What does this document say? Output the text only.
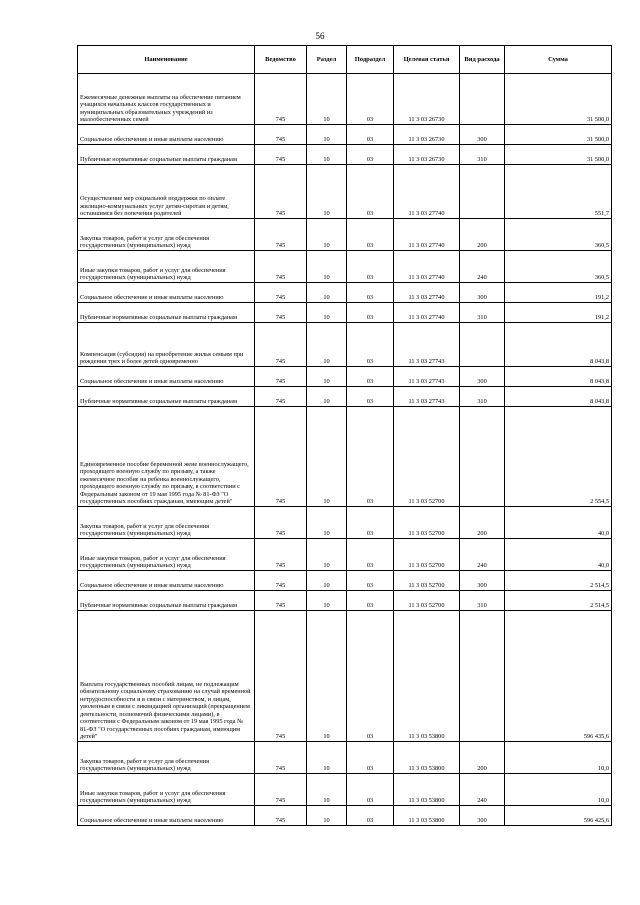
56
Наименование	Ведомство	Раздел	Подраздел	Целевая статья	Вид расхода	Сумма
Ежемесячные денежные выплаты на обеспечение питанием учащихся начальных классов государственных и муниципальных образовательных учреждений из малообеспеченных семей	745	10	03	11 3 03 26730		31 500,0
Социальное обеспечение и иные выплаты населению	745	10	03	11 3 03 26730	300	31 500,0
Публичные нормативные социальные выплаты гражданам	745	10	03	11 3 03 26730	310	31 500,0
Осуществление мер социальной поддержки по оплате жилищно-коммунальных услуг детям-сиротам и детям, оставшимся без попечения родителей	745	10	03	11 3 03 27740		551,7
Закупка товаров, работ и услуг для обеспечения государственных (муниципальных) нужд	745	10	03	11 3 03 27740	200	360,5
Иные закупки товаров, работ и услуг для обеспечения государственных (муниципальных) нужд	745	10	03	11 3 03 27740	240	360,5
Социальное обеспечение и иные выплаты населению	745	10	03	11 3 03 27740	300	191,2
Публичные нормативные социальные выплаты гражданам	745	10	03	11 3 03 27740	310	191,2
Компенсация (субсидия) на приобретение жилья семьям при рождении трех и более детей одновременно	745	10	03	11 3 03 27743		8 043,8
Социальное обеспечение и иные выплаты населению	745	10	03	11 3 03 27743	300	8 043,8
Публичные нормативные социальные выплаты гражданам	745	10	03	11 3 03 27743	310	8 043,8
Единовременное пособие беременной жене военнослужащего, проходящего военную службу по призыву, а также ежемесячное пособие на ребенка военнослужащего, проходящего военную службу по призыву, в соответствии с Федеральным законом от 19 мая 1995 года № 81-ФЗ "О государственных пособиях гражданам, имеющим детей"	745	10	03	11 3 03 52700		2 554,5
Закупка товаров, работ и услуг для обеспечения государственных (муниципальных) нужд	745	10	03	11 3 03 52700	200	40,0
Иные закупки товаров, работ и услуг для обеспечения государственных (муниципальных) нужд	745	10	03	11 3 03 52700	240	40,0
Социальное обеспечение и иные выплаты населению	745	10	03	11 3 03 52700	300	2 514,5
Публичные нормативные социальные выплаты гражданам	745	10	03	11 3 03 52700	310	2 514,5
Выплата государственных пособий лицам, не подлежащим обязательному социальному страхованию на случай временной нетрудоспособности и в связи с материнством, и лицам, уволенным в связи с ликвидацией организаций (прекращением деятельности, полномочий физическими лицами), в соответствии с Федеральным законом от 19 мая 1995 года № 81-ФЗ "О государственных пособиях гражданам, имеющим детей"	745	10	03	11 3 03 53800		596 435,6
Закупка товаров, работ и услуг для обеспечения государственных (муниципальных) нужд	745	10	03	11 3 03 53800	200	10,0
Иные закупки товаров, работ и услуг для обеспечения государственных (муниципальных) нужд	745	10	03	11 3 03 53800	240	10,0
Социальное обеспечение и иные выплаты населению	745	10	03	11 3 03 53800	300	596 425,6
